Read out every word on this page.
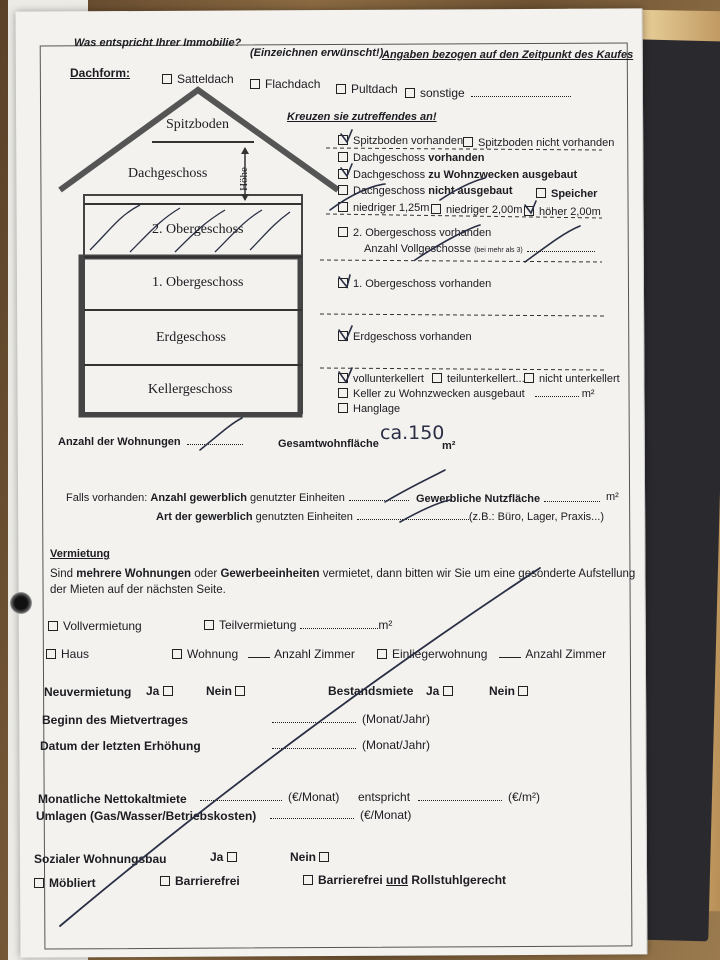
Was entspricht Ihrer Immobilie?
(Einzeichnen erwünscht!)
Angaben bezogen auf den Zeitpunkt des Kaufes
Dachform:	Satteldach	Flachdach	Pultdach	sonstige
Spitzboden
Dachgeschoss	Höhe
2. Obergeschoss
1. Obergeschoss
Erdgeschoss
Kellergeschoss
Kreuzen sie zutreffendes an!
Spitzboden vorhanden	Spitzboden nicht vorhanden
Dachgeschoss vorhanden
Dachgeschoss zu Wohnzwecken ausgebaut
Dachgeschoss nicht ausgebaut	Speicher
niedriger 1,25m	niedriger 2,00m	höher 2,00m
2. Obergeschoss vorhanden
Anzahl Vollgeschosse (bei mehr als 3)
1. Obergeschoss vorhanden
Erdgeschoss vorhanden
vollunterkellert	teilunterkellert...	nicht unterkellert
Keller zu Wohnzwecken ausgebaut	m²
Hanglage
Anzahl der Wohnungen	Gesamtwohnfläche ca.150
m²
Falls vorhanden: Anzahl gewerblich genutzter Einheiten	Gewerbliche Nutzfläche	m²
Art der gewerblich genutzten Einheiten	(z.B.: Büro, Lager, Praxis...)
Vermietung
Sind mehrere Wohnungen oder Gewerbeeinheiten vermietet, dann bitten wir Sie um eine gesonderte Aufstellung
der Mieten auf der nächsten Seite.
Vollvermietung	Teilvermietung	m²
Haus	Wohnung	Anzahl Zimmer	Einliegerwohnung	Anzahl Zimmer
Neuvermietung Ja	Nein	Bestandsmiete Ja	Nein
Beginn des Mietvertrages	(Monat/Jahr)
Datum der letzten Erhöhung	(Monat/Jahr)
Monatliche Nettokaltmiete	(€/Monat) entspricht	(€/m²)
Umlagen (Gas/Wasser/Betriebskosten)	(€/Monat)
Sozialer Wohnungsbau	Ja	Nein
Möbliert	Barrierefrei	Barrierefrei und Rollstuhlgerecht
